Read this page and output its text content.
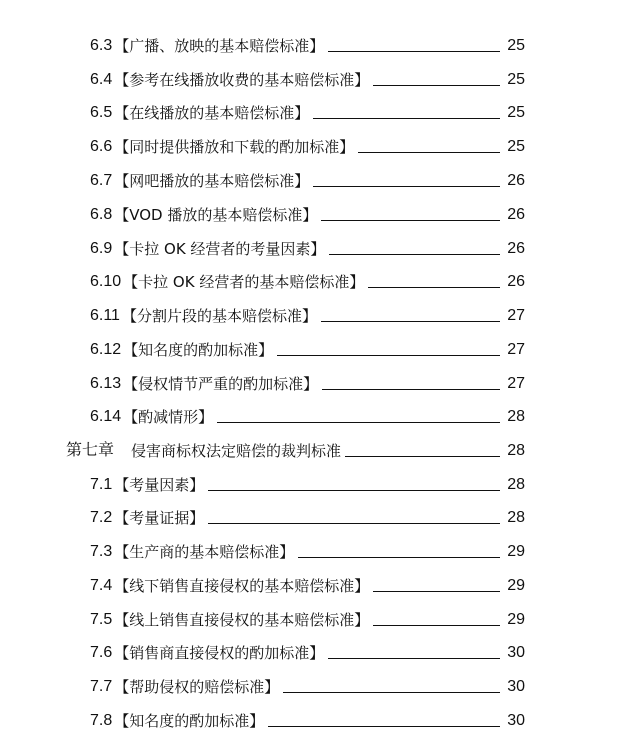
6.3 【广播、放映的基本赔偿标准】	25
6.4 【参考在线播放收费的基本赔偿标准】	25
6.5 【在线播放的基本赔偿标准】	25
6.6 【同时提供播放和下载的酌加标准】	25
6.7 【网吧播放的基本赔偿标准】	26
6.8 【VOD 播放的基本赔偿标准】	26
6.9 【卡拉 OK 经营者的考量因素】	26
6.10 【卡拉 OK 经营者的基本赔偿标准】	26
6.11 【分割片段的基本赔偿标准】	27
6.12 【知名度的酌加标准】	27
6.13 【侵权情节严重的酌加标准】	27
6.14 【酌减情形】	28
第七章 　侵害商标权法定赔偿的裁判标准	28
7.1 【考量因素】	28
7.2 【考量证据】	28
7.3 【生产商的基本赔偿标准】	29
7.4 【线下销售直接侵权的基本赔偿标准】	29
7.5 【线上销售直接侵权的基本赔偿标准】	29
7.6 【销售商直接侵权的酌加标准】	30
7.7 【帮助侵权的赔偿标准】	30
7.8 【知名度的酌加标准】	30
